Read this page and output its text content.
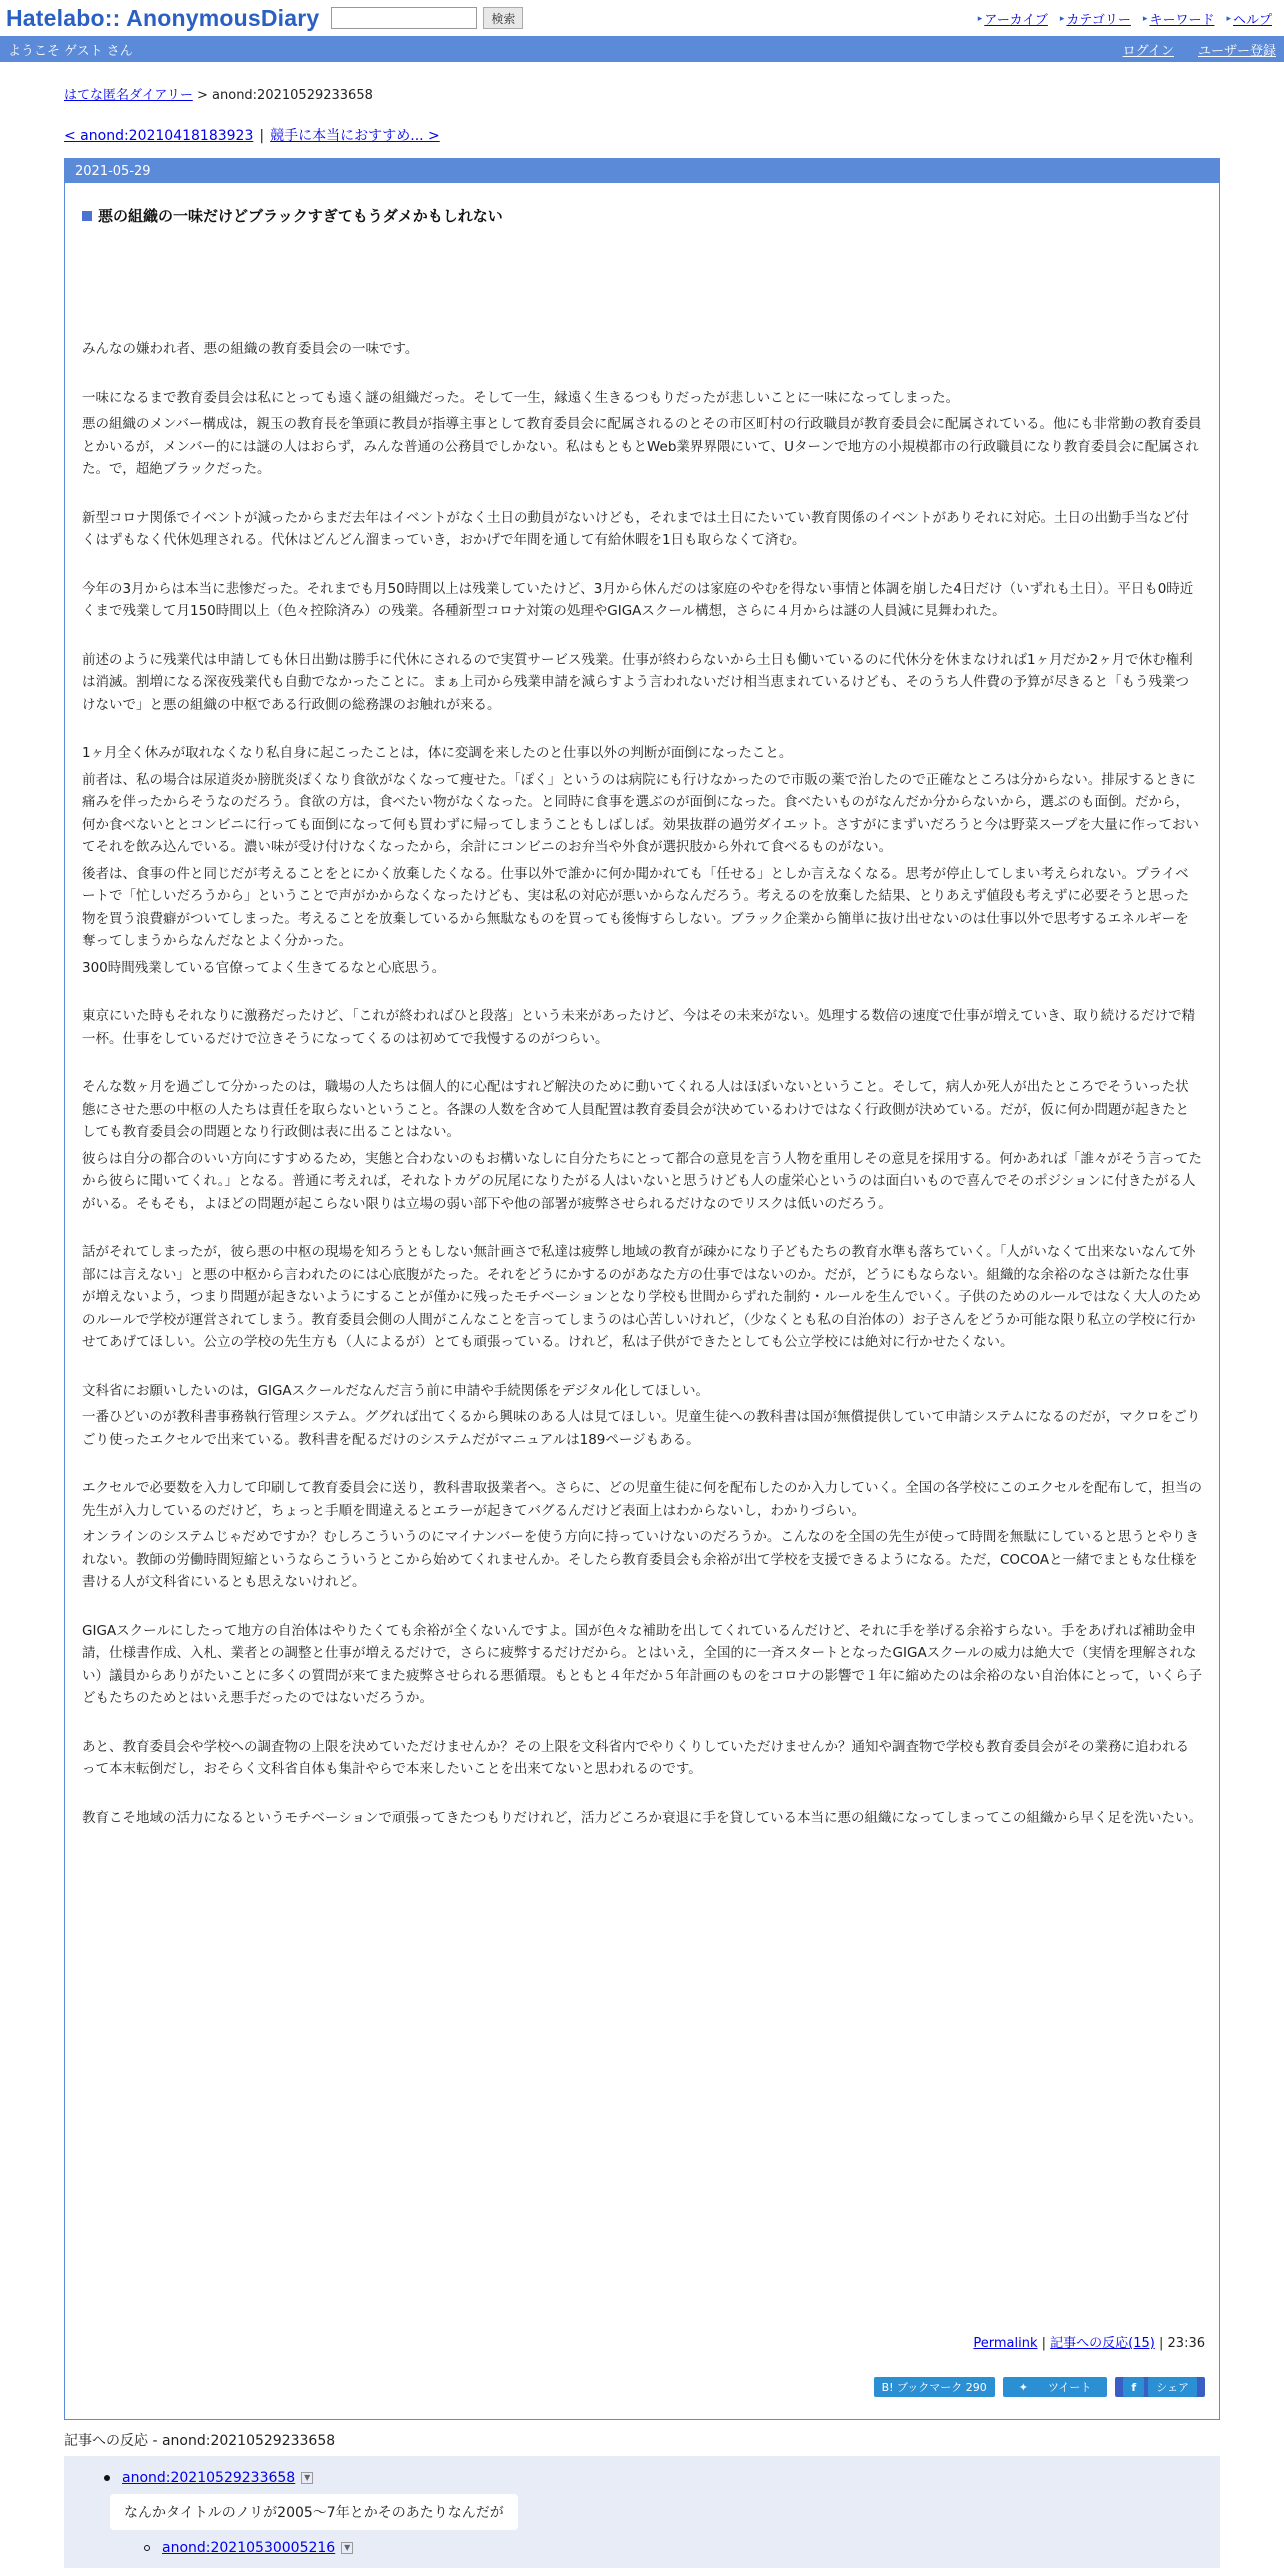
Hatelabo:: AnonymousDiary	検索	▸ アーカイブ ▸ カテゴリー ▸ キーワード ▸ ヘルプ
ようこそ ゲスト さん	ログイン ユーザー登録
はてな匿名ダイアリー > anond:20210529233658
< anond:20210418183923 | 競手に本当におすすめ... >
2021-05-29
悪の組織の一味だけどブラックすぎてもうダメかもしれない

みんなの嫌われ者、悪の組織の教育委員会の一味です。

一味になるまで教育委員会は私にとっても遠く謎の組織だった。そして一生，縁遠く生きるつもりだったが悲しいことに一味になってしまった。

悪の組織のメンバー構成は，親玉の教育長を筆頭に教員が指導主事として教育委員会に配属されるのとその市区町村の行政職員が教育委員会に配属されている。他にも非常勤の教育委員とかいるが，メンバー的には謎の人はおらず，みんな普通の公務員でしかない。私はもともとWeb業界界隈にいて、Uターンで地方の小規模都市の行政職員になり教育委員会に配属された。で，超絶ブラックだった。

新型コロナ関係でイベントが減ったからまだ去年はイベントがなく土日の動員がないけども，それまでは土日にたいてい教育関係のイベントがありそれに対応。土日の出勤手当など付くはずもなく代休処理される。代休はどんどん溜まっていき，おかげで年間を通して有給休暇を1日も取らなくて済む。

今年の3月からは本当に悲惨だった。それまでも月50時間以上は残業していたけど、3月から休んだのは家庭のやむを得ない事情と体調を崩した4日だけ（いずれも土日）。平日も0時近くまで残業して月150時間以上（色々控除済み）の残業。各種新型コロナ対策の処理やGIGAスクール構想，さらに４月からは謎の人員減に見舞われた。

前述のように残業代は申請しても休日出勤は勝手に代休にされるので実質サービス残業。仕事が終わらないから土日も働いているのに代休分を休まなければ1ヶ月だか2ヶ月で休む権利は消滅。割増になる深夜残業代も自動でなかったことに。まぁ上司から残業申請を減らすよう言われないだけ相当恵まれているけども、そのうち人件費の予算が尽きると「もう残業つけないで」と悪の組織の中枢である行政側の総務課のお触れが来る。

1ヶ月全く休みが取れなくなり私自身に起こったことは，体に変調を来したのと仕事以外の判断が面倒になったこと。

前者は、私の場合は尿道炎か膀胱炎ぽくなり食欲がなくなって痩せた。「ぽく」というのは病院にも行けなかったので市販の薬で治したので正確なところは分からない。排尿するときに痛みを伴ったからそうなのだろう。食欲の方は，食べたい物がなくなった。と同時に食事を選ぶのが面倒になった。食べたいものがなんだか分からないから，選ぶのも面倒。だから，何か食べないととコンビニに行っても面倒になって何も買わずに帰ってしまうこともしばしば。効果抜群の過労ダイエット。さすがにまずいだろうと今は野菜スープを大量に作っておいてそれを飲み込んでいる。濃い味が受け付けなくなったから，余計にコンビニのお弁当や外食が選択肢から外れて食べるものがない。

後者は、食事の件と同じだが考えることをとにかく放棄したくなる。仕事以外で誰かに何か聞かれても「任せる」としか言えなくなる。思考が停止してしまい考えられない。プライベートで「忙しいだろうから」ということで声がかからなくなったけども、実は私の対応が悪いからなんだろう。考えるのを放棄した結果、とりあえず値段も考えずに必要そうと思った物を買う浪費癖がついてしまった。考えることを放棄しているから無駄なものを買っても後悔すらしない。ブラック企業から簡単に抜け出せないのは仕事以外で思考するエネルギーを奪ってしまうからなんだなとよく分かった。

300時間残業している官僚ってよく生きてるなと心底思う。

東京にいた時もそれなりに激務だったけど、「これが終わればひと段落」という未来があったけど、今はその未来がない。処理する数倍の速度で仕事が増えていき、取り続けるだけで精一杯。仕事をしているだけで泣きそうになってくるのは初めてで我慢するのがつらい。

そんな数ヶ月を過ごして分かったのは，職場の人たちは個人的に心配はすれど解決のために動いてくれる人はほぼいないということ。そして，病人か死人が出たところでそういった状態にさせた悪の中枢の人たちは責任を取らないということ。各課の人数を含めて人員配置は教育委員会が決めているわけではなく行政側が決めている。だが，仮に何か問題が起きたとしても教育委員会の問題となり行政側は表に出ることはない。

彼らは自分の都合のいい方向にすすめるため，実態と合わないのもお構いなしに自分たちにとって都合の意見を言う人物を重用しその意見を採用する。何かあれば「誰々がそう言ってたから彼らに聞いてくれ。」となる。普通に考えれば，それなトカゲの尻尾になりたがる人はいないと思うけども人の虚栄心というのは面白いもので喜んでそのポジションに付きたがる人がいる。そもそも，よほどの問題が起こらない限りは立場の弱い部下や他の部署が疲弊させられるだけなのでリスクは低いのだろう。

話がそれてしまったが，彼ら悪の中枢の現場を知ろうともしない無計画さで私達は疲弊し地域の教育が疎かになり子どもたちの教育水準も落ちていく。「人がいなくて出来ないなんて外部には言えない」と悪の中枢から言われたのには心底腹がたった。それをどうにかするのがあなた方の仕事ではないのか。だが，どうにもならない。組織的な余裕のなさは新たな仕事が増えないよう，つまり問題が起きないようにすることが僅かに残ったモチベーションとなり学校も世間からずれた制約・ルールを生んでいく。子供のためのルールではなく大人のためのルールで学校が運営されてしまう。教育委員会側の人間がこんなことを言ってしまうのは心苦しいけれど，（少なくとも私の自治体の）お子さんをどうか可能な限り私立の学校に行かせてあげてほしい。公立の学校の先生方も（人によるが）とても頑張っている。けれど，私は子供ができたとしても公立学校には絶対に行かせたくない。

文科省にお願いしたいのは，GIGAスクールだなんだ言う前に申請や手続関係をデジタル化してほしい。

一番ひどいのが教科書事務執行管理システム。ググれば出てくるから興味のある人は見てほしい。児童生徒への教科書は国が無償提供していて申請システムになるのだが，マクロをごりごり使ったエクセルで出来ている。教科書を配るだけのシステムだがマニュアルは189ページもある。

エクセルで必要数を入力して印刷して教育委員会に送り，教科書取扱業者へ。さらに、どの児童生徒に何を配布したのか入力していく。全国の各学校にこのエクセルを配布して，担当の先生が入力しているのだけど，ちょっと手順を間違えるとエラーが起きてバグるんだけど表面上はわからないし，わかりづらい。

オンラインのシステムじゃだめですか？むしろこういうのにマイナンバーを使う方向に持っていけないのだろうか。こんなのを全国の先生が使って時間を無駄にしていると思うとやりきれない。教師の労働時間短縮というならこういうとこから始めてくれませんか。そしたら教育委員会も余裕が出て学校を支援できるようになる。ただ，COCOAと一緒でまともな仕様を書ける人が文科省にいるとも思えないけれど。

GIGAスクールにしたって地方の自治体はやりたくても余裕が全くないんですよ。国が色々な補助を出してくれているんだけど、それに手を挙げる余裕すらない。手をあげれば補助金申請，仕様書作成、入札、業者との調整と仕事が増えるだけで，さらに疲弊するだけだから。とはいえ，全国的に一斉スタートとなったGIGAスクールの威力は絶大で（実情を理解されない）議員からありがたいことに多くの質問が来てまた疲弊させられる悪循環。もともと４年だか５年計画のものをコロナの影響で１年に縮めたのは余裕のない自治体にとって，いくら子どもたちのためとはいえ悪手だったのではないだろうか。

あと、教育委員会や学校への調査物の上限を決めていただけませんか？その上限を文科省内でやりくりしていただけませんか？通知や調査物で学校も教育委員会がその業務に追われるって本末転倒だし，おそらく文科省自体も集計やらで本来したいことを出来てないと思われるのです。

教育こそ地域の活力になるというモチベーションで頑張ってきたつもりだけれど，活力どころか衰退に手を貸している本当に悪の組織になってしまってこの組織から早く足を洗いたい。

Permalink | 記事への反応(15) | 23:36
B! ブックマーク 290	✦	ツイート	f	シェア
記事への反応 - anond:20210529233658
anond:20210529233658	▼
なんかタイトルのノリが2005～7年とかそのあたりなんだが
anond:20210530005216	▼
